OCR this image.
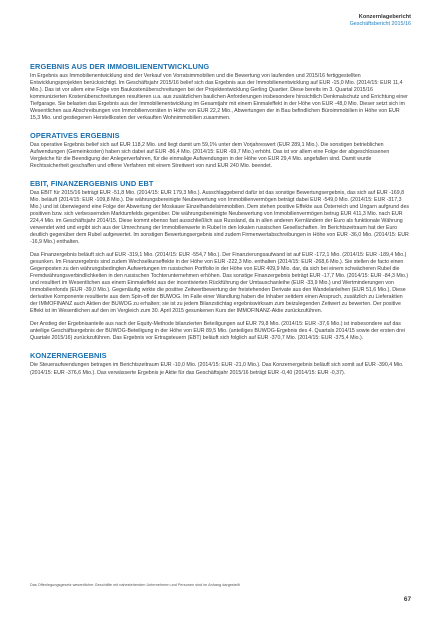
Konzernlagebericht
Geschäftsbericht 2015/16
ERGEBNIS AUS DER IMMOBILIENENTWICKLUNG

Im Ergebnis aus Immobilienentwicklung sind der Verkauf von Vorratsimmobilien und die Bewertung von laufenden und 2015/16 fertiggestellten Entwicklungsprojekten berücksichtigt. Im Geschäftsjahr 2015/16 belief sich das Ergebnis aus der Immobilienentwicklung auf EUR -15,0 Mio. (2014/15: EUR 11,4 Mio.). Das ist vor allem eine Folge von Baukostenüberschreitungen bei der Projektentwicklung Gerling Quartier. Diese bereits im 3. Quartal 2015/16 kommunizierten Kostenüberschreitungen resultieren u.a. aus zusätzlichen baulichen Anforderungen insbesondere hinsichtlich Denkmalschutz und Errichtung einer Tiefgarage. Sie belasten das Ergebnis aus der Immobilienentwicklung im Gesamtjahr mit einem Einmaleffekt in der Höhe von EUR -48,0 Mio. Dieser setzt sich im Wesentlichen aus Abschreibungen von Immobilienvorräten in Höhe von EUR 22,2 Mio., Abwertungen der in Bau befindlichen Büroimmobilien in Höhe von EUR 15,3 Mio. und gestiegenen Herstellkosten der verkauften Wohnimmobilien zusammen.

OPERATIVES ERGEBNIS

Das operative Ergebnis belief sich auf EUR 118,2 Mio. und liegt damit um 59,1% unter dem Vorjahreswert (EUR 289,1 Mio.). Die sonstigen betrieblichen Aufwendungen (Gemeinkosten) haben sich dabei auf EUR -86,4 Mio. (2014/15: EUR -69,7 Mio.) erhöht. Das ist vor allem eine Folge der abgeschlossenen Vergleiche für die Beendigung der Anlegerverfahren, für die einmalige Aufwendungen in der Höhe von EUR 29,4 Mio. angefallen sind. Damit wurde Rechtssicherheit geschaffen und offene Verfahren mit einem Streitwert von rund EUR 240 Mio. beendet.

EBIT, FINANZERGEBNIS UND EBT

Das EBIT für 2015/16 beträgt EUR -51,8 Mio. (2014/15: EUR 179,3 Mio.). Ausschlaggebend dafür ist das sonstige Bewertungsergebnis, das sich auf EUR -169,8 Mio. beläuft (2014/15: EUR -109,8 Mio.). Die währungsbereinigte Neubewertung von Immobilienvermögen beträgt dabei EUR -549,0 Mio. (2014/15: EUR -317,3 Mio.) und ist überwiegend eine Folge der Abwertung der Moskauer Einzelhandelsimmobilien. Dem stehen positive Effekte aus Österreich und Ungarn aufgrund des positiven bzw. sich verbessernden Marktumfelds gegenüber. Die währungsbereinigte Neubewertung von Immobilienvermögen betrug EUR 411,3 Mio. nach EUR 224,4 Mio. im Geschäftsjahr 2014/15. Diese kommt ebenso fast ausschließlich aus Russland, da in allen anderen Kernländern der Euro als funktionale Währung verwendet wird und ergibt sich aus der Umrechnung der Immobilienwerte in Rubel in den lokalen russischen Gesellschaften. Im Berichtszeitraum hat der Euro deutlich gegenüber dem Rubel aufgewertet. Im sonstigen Bewertungsergebnis sind zudem Firmenwertabschreibungen in Höhe von EUR -36,0 Mio. (2014/15: EUR -16,9 Mio.) enthalten.

Das Finanzergebnis beläuft sich auf EUR -319,1 Mio. (2014/15: EUR -554,7 Mio.). Der Finanzierungsaufwand ist auf EUR -172,1 Mio. (2014/15: EUR -189,4 Mio.) gesunken. Im Finanzergebnis sind zudem Wechselkurseffekte in der Höhe von EUR -222,3 Mio. enthalten (2014/15: EUR -268,6 Mio.). Sie stellen de facto einen Gegenposten zu den währungsbedingten Aufwertungen im russischen Portfolio in der Höhe von EUR 409,9 Mio. dar, da sich bei einem schwächeren Rubel die Fremdwährungsverbindlichkeiten in den russischen Tochterunternehmen erhöhen. Das sonstige Finanzergebnis beträgt EUR -17,7 Mio. (2014/15: EUR -84,3 Mio.) und resultiert im Wesentlichen aus einem Einmaleffekt aus der incentivierten Rückführung der Umtauschanleihe (EUR -33,9 Mio.) und Wertminderungen von Immobilienfonds (EUR -39,0 Mio.). Gegenläufig wirkte die positive Zeitwertbewertung der freistehenden Derivate aus den Wandelanleihen (EUR 51,6 Mio.). Diese derivative Komponente resultierte aus dem Spin-off der BUWOG. Im Falle einer Wandlung haben die Inhaber seitdem einen Anspruch, zusätzlich zu Lieferaktien der IMMOFINANZ auch Aktien der BUWOG zu erhalten; sie ist zu jedem Bilanzstichtag ergebniswirksam zum beizulegenden Zeitwert zu bewerten. Der positive Effekt ist im Wesentlichen auf den im Vergleich zum 30. April 2015 gesunkenen Kurs der IMMOFINANZ-Aktie zurückzuführen.

Der Anstieg der Ergebnisanteile aus nach der Equity-Methode bilanzierten Beteiligungen auf EUR 79,8 Mio. (2014/15: EUR -37,6 Mio.) ist insbesondere auf das anteilige Geschäftsergebnis der BUWOG-Beteiligung in der Höhe von EUR 89,5 Mio. (anteiliges BUWOG-Ergebnis des 4. Quartals 2014/15 sowie der ersten drei Quartale 2015/16) zurückzuführen. Das Ergebnis vor Ertragsteuern (EBT) beläuft sich folglich auf EUR -370,7 Mio. (2014/15: EUR -375,4 Mio.).

KONZERNERGEBNIS

Die Steueraufwendungen betragen im Berichtszeitraum EUR -10,0 Mio. (2014/15: EUR -21,0 Mio.). Das Konzernergebnis beläuft sich somit auf EUR -390,4 Mio. (2014/15: EUR -376,6 Mio.). Das verwässerte Ergebnis je Aktie für das Geschäftsjahr 2015/16 beträgt EUR -0,40 (2014/15: EUR -0,37).

Das Offenlegungsgesetz wesentlicher Geschäfte mit nahestehenden Unternehmen und Personen sind im Anhang dargestellt
67
